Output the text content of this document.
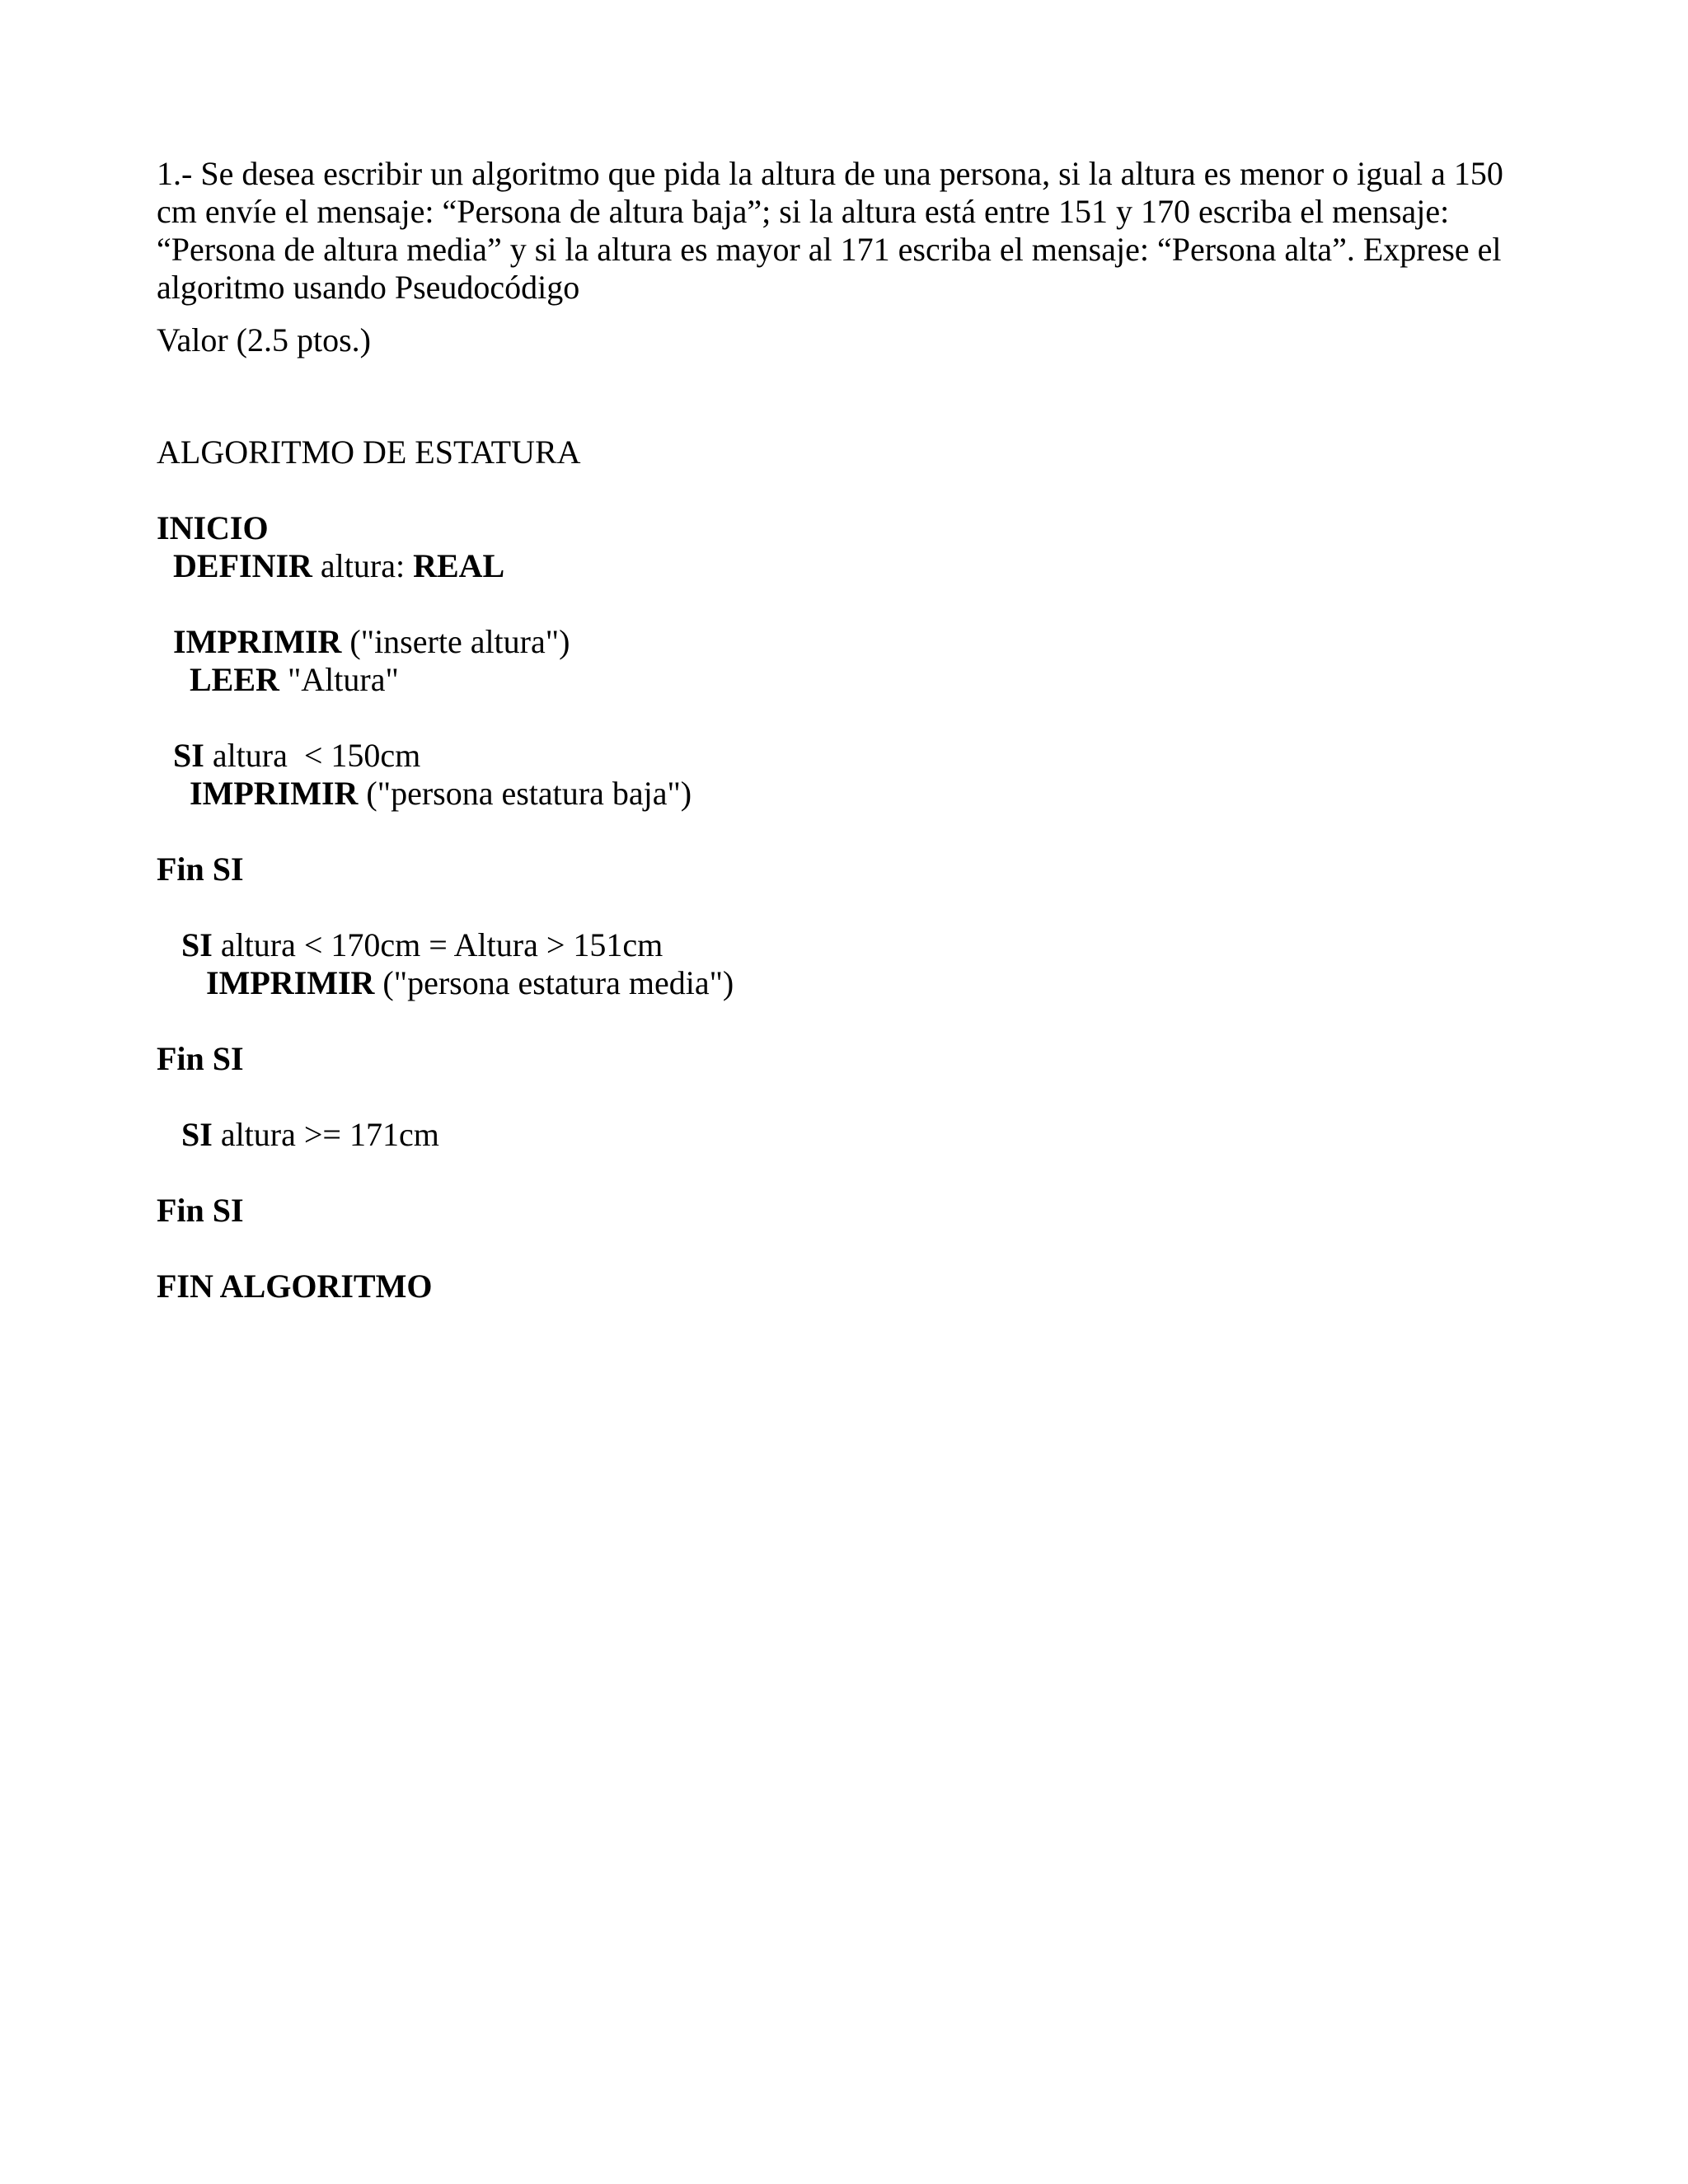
1.- Se desea escribir un algoritmo que pida la altura de una persona, si la altura es menor o igual a 150 cm envíe el mensaje: “Persona de altura baja”; si la altura está entre 151 y 170 escriba el mensaje: “Persona de altura media” y si la altura es mayor al 171 escriba el mensaje: “Persona alta”. Exprese el algoritmo usando Pseudocódigo

Valor (2.5 ptos.)
ALGORITMO DE ESTATURA
INICIO
DEFINIR altura: REAL
IMPRIMIR ("inserte altura")
LEER "Altura"
SI altura  < 150cm
IMPRIMIR ("persona estatura baja")
Fin SI
SI altura < 170cm = Altura > 151cm
IMPRIMIR ("persona estatura media")
Fin SI
SI altura >= 171cm
Fin SI
FIN ALGORITMO
